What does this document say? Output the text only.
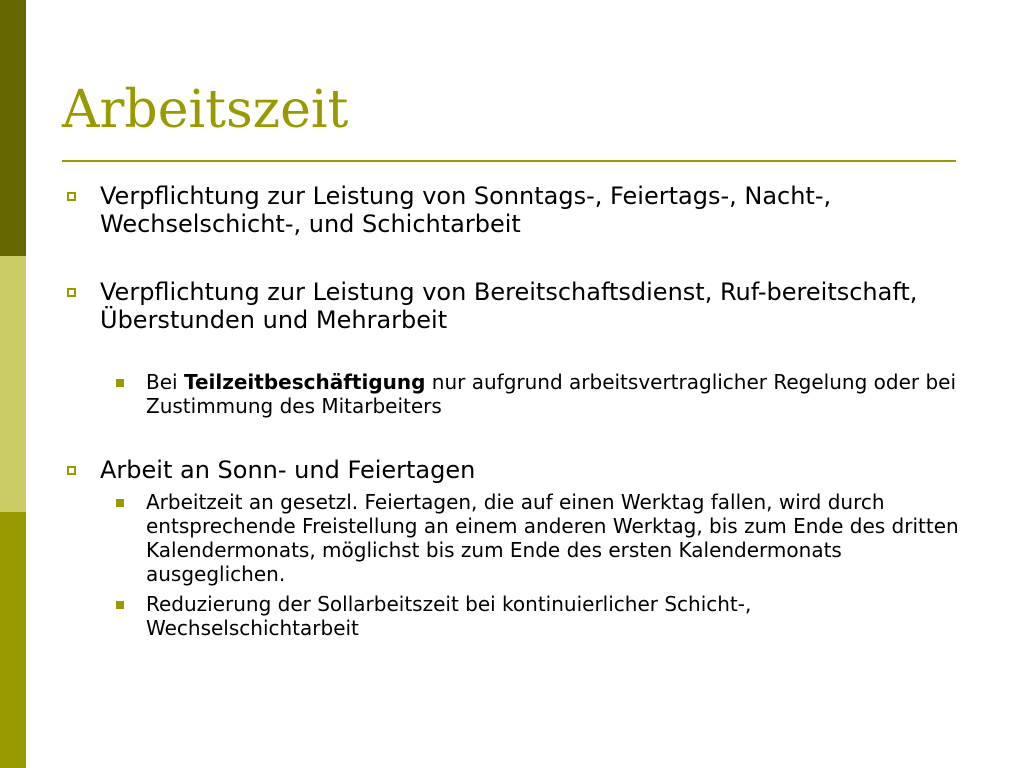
Arbeitszeit
Verpflichtung zur Leistung von Sonntags-, Feiertags-, Nacht-, Wechselschicht-, und Schichtarbeit
Verpflichtung zur Leistung von Bereitschaftsdienst, Ruf-bereitschaft, Überstunden und Mehrarbeit
Bei Teilzeitbeschäftigung nur aufgrund arbeitsvertraglicher Regelung oder bei Zustimmung des Mitarbeiters
Arbeit an Sonn- und Feiertagen
Arbeitzeit an gesetzl. Feiertagen, die auf einen Werktag fallen, wird durch entsprechende Freistellung an einem anderen Werktag, bis zum Ende des dritten Kalendermonats, möglichst bis zum Ende des ersten Kalendermonats ausgeglichen.
Reduzierung der Sollarbeitszeit bei kontinuierlicher Schicht-, Wechselschichtarbeit
